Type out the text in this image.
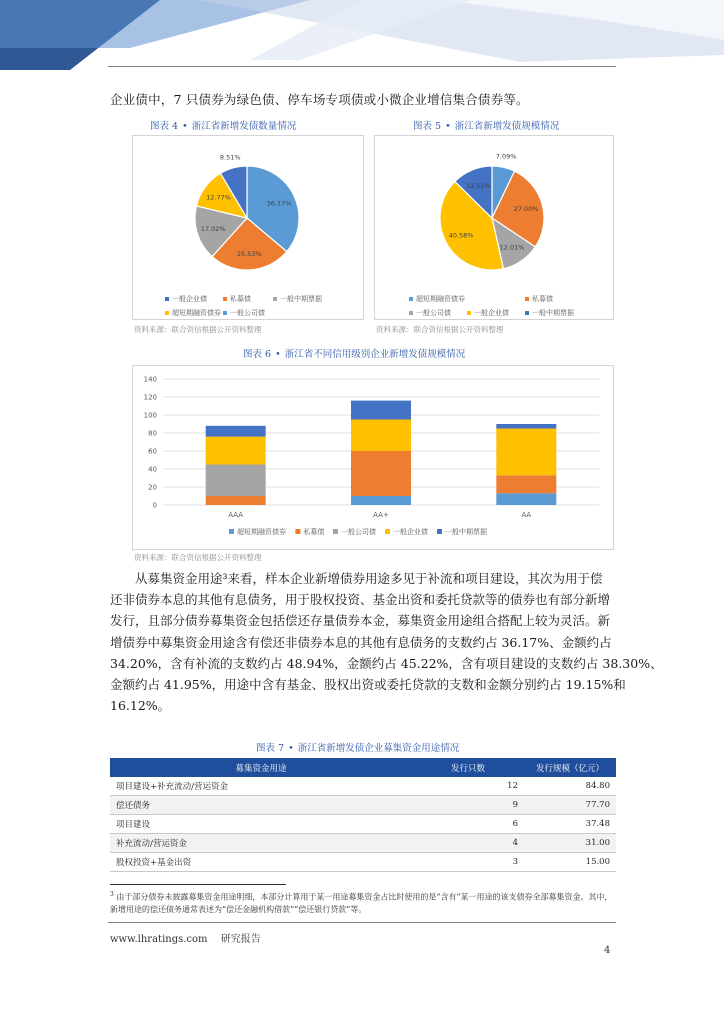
企业债中，7 只债券为绿色债、停车场专项债或小微企业增信集合债券等。
图表 4 • 浙江省新增发债数量情况	图表 5 • 浙江省新增发债规模情况
36.17%
25.53%
17.02%
12.77%
8.51%
一般企业债	私募债	一般中期票据
超短期融资债券	一般公司债
资料来源：联合资信根据公开资料整理
7.09%
27.00%
12.01%
40.58%
12.52%
超短期融资债券	私募债
一般公司债	一般企业债	一般中期票据
资料来源：联合资信根据公开资料整理
图表 6 • 浙江省不同信用级别企业新增发债规模情况
0
20
40
60
80
100
120
140
AAA	AA+	AA
超短期融资债券 私募债 一般公司债 一般企业债 一般中期票据
资料来源：联合资信根据公开资料整理
从募集资金用途³来看，样本企业新增债券用途多见于补流和项目建设，其次为用于偿
还非债券本息的其他有息债务，用于股权投资、基金出资和委托贷款等的债券也有部分新增
发行，且部分债券募集资金包括偿还存量债券本金，募集资金用途组合搭配上较为灵活。新
增债券中募集资金用途含有偿还非债券本息的其他有息债务的支数约占 36.17%、金额约占
34.20%，含有补流的支数约占 48.94%，金额约占 45.22%，含有项目建设的支数约占 38.30%、
金额约占 41.95%，用途中含有基金、股权出资或委托贷款的支数和金额分别约占 19.15%和
16.12%。
图表 7 • 浙江省新增发债企业募集资金用途情况
募集资金用途	发行只数	发行规模（亿元）
项目建设+补充流动/营运资金	12	84.80
偿还债务	9	77.70
项目建设	6	37.48
补充流动/营运资金	4	31.00
股权投资+基金出资	3	15.00
$^3$ 由于部分债券未披露募集资金用途明细，本部分计算用于某一用途募集资金占比时使用的是“含有”某一用途的该支债券全部募集资金。其中，新增用途的偿还债务通常表述为“偿还金融机构借款”“偿还银行贷款”等。
www.lhratings.com 研究报告
4
